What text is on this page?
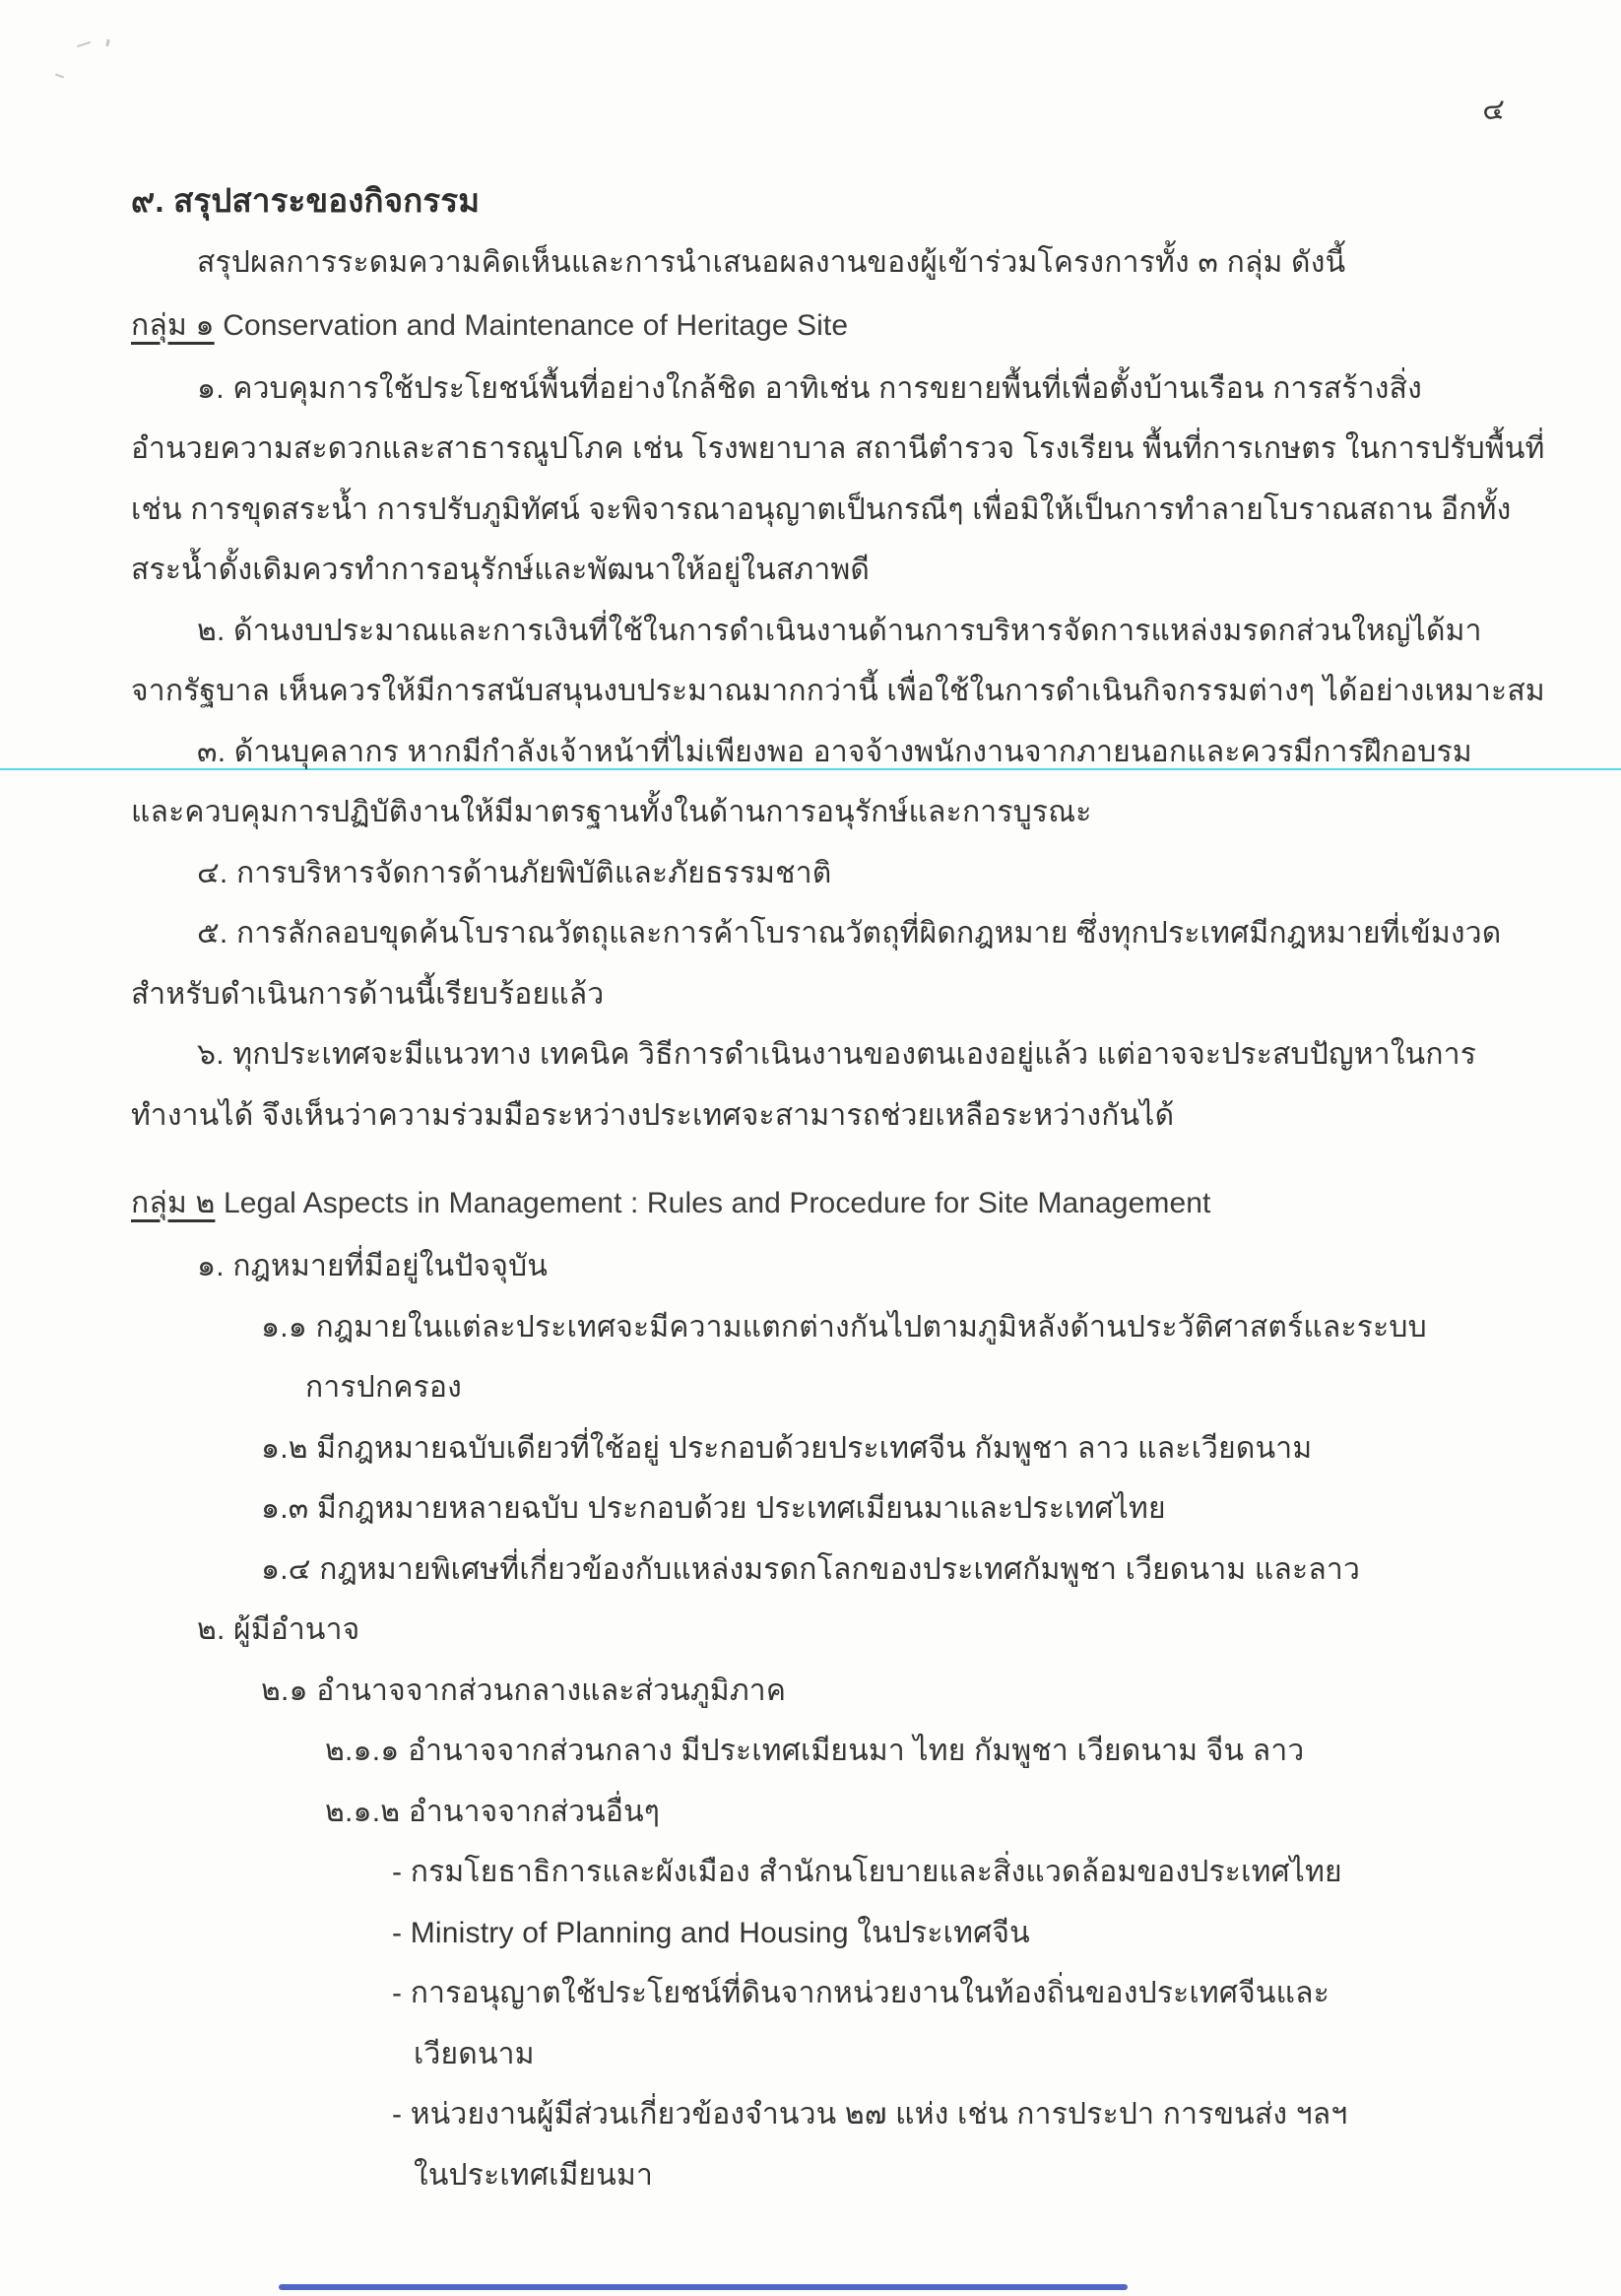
๔
๙. สรุปสาระของกิจกรรม
สรุปผลการระดมความคิดเห็นและการนำเสนอผลงานของผู้เข้าร่วมโครงการทั้ง ๓ กลุ่ม ดังนี้
กลุ่ม ๑ Conservation and Maintenance of Heritage Site
๑. ควบคุมการใช้ประโยชน์พื้นที่อย่างใกล้ชิด อาทิเช่น การขยายพื้นที่เพื่อตั้งบ้านเรือน การสร้างสิ่ง
อำนวยความสะดวกและสาธารณูปโภค เช่น โรงพยาบาล สถานีตำรวจ โรงเรียน พื้นที่การเกษตร ในการปรับพื้นที่
เช่น การขุดสระน้ำ การปรับภูมิทัศน์ จะพิจารณาอนุญาตเป็นกรณีๆ เพื่อมิให้เป็นการทำลายโบราณสถาน อีกทั้ง
สระน้ำดั้งเดิมควรทำการอนุรักษ์และพัฒนาให้อยู่ในสภาพดี
๒. ด้านงบประมาณและการเงินที่ใช้ในการดำเนินงานด้านการบริหารจัดการแหล่งมรดกส่วนใหญ่ได้มา
จากรัฐบาล เห็นควรให้มีการสนับสนุนงบประมาณมากกว่านี้ เพื่อใช้ในการดำเนินกิจกรรมต่างๆ ได้อย่างเหมาะสม
๓. ด้านบุคลากร หากมีกำลังเจ้าหน้าที่ไม่เพียงพอ อาจจ้างพนักงานจากภายนอกและควรมีการฝึกอบรม
และควบคุมการปฏิบัติงานให้มีมาตรฐานทั้งในด้านการอนุรักษ์และการบูรณะ
๔. การบริหารจัดการด้านภัยพิบัติและภัยธรรมชาติ
๕. การลักลอบขุดค้นโบราณวัตถุและการค้าโบราณวัตถุที่ผิดกฎหมาย ซึ่งทุกประเทศมีกฎหมายที่เข้มงวด
สำหรับดำเนินการด้านนี้เรียบร้อยแล้ว
๖. ทุกประเทศจะมีแนวทาง เทคนิค วิธีการดำเนินงานของตนเองอยู่แล้ว แต่อาจจะประสบปัญหาในการ
ทำงานได้ จึงเห็นว่าความร่วมมือระหว่างประเทศจะสามารถช่วยเหลือระหว่างกันได้
กลุ่ม ๒ Legal Aspects in Management : Rules and Procedure for Site Management
๑. กฎหมายที่มีอยู่ในปัจจุบัน
๑.๑ กฎมายในแต่ละประเทศจะมีความแตกต่างกันไปตามภูมิหลังด้านประวัติศาสตร์และระบบ
การปกครอง
๑.๒ มีกฎหมายฉบับเดียวที่ใช้อยู่ ประกอบด้วยประเทศจีน กัมพูชา ลาว และเวียดนาม
๑.๓ มีกฎหมายหลายฉบับ ประกอบด้วย ประเทศเมียนมาและประเทศไทย
๑.๔ กฎหมายพิเศษที่เกี่ยวข้องกับแหล่งมรดกโลกของประเทศกัมพูชา เวียดนาม และลาว
๒. ผู้มีอำนาจ
๒.๑ อำนาจจากส่วนกลางและส่วนภูมิภาค
๒.๑.๑ อำนาจจากส่วนกลาง มีประเทศเมียนมา ไทย กัมพูชา เวียดนาม จีน ลาว
๒.๑.๒ อำนาจจากส่วนอื่นๆ
- กรมโยธาธิการและผังเมือง สำนักนโยบายและสิ่งแวดล้อมของประเทศไทย
- Ministry of Planning and Housing ในประเทศจีน
- การอนุญาตใช้ประโยชน์ที่ดินจากหน่วยงานในท้องถิ่นของประเทศจีนและ
เวียดนาม
- หน่วยงานผู้มีส่วนเกี่ยวข้องจำนวน ๒๗ แห่ง เช่น การประปา การขนส่ง ฯลฯ
ในประเทศเมียนมา
